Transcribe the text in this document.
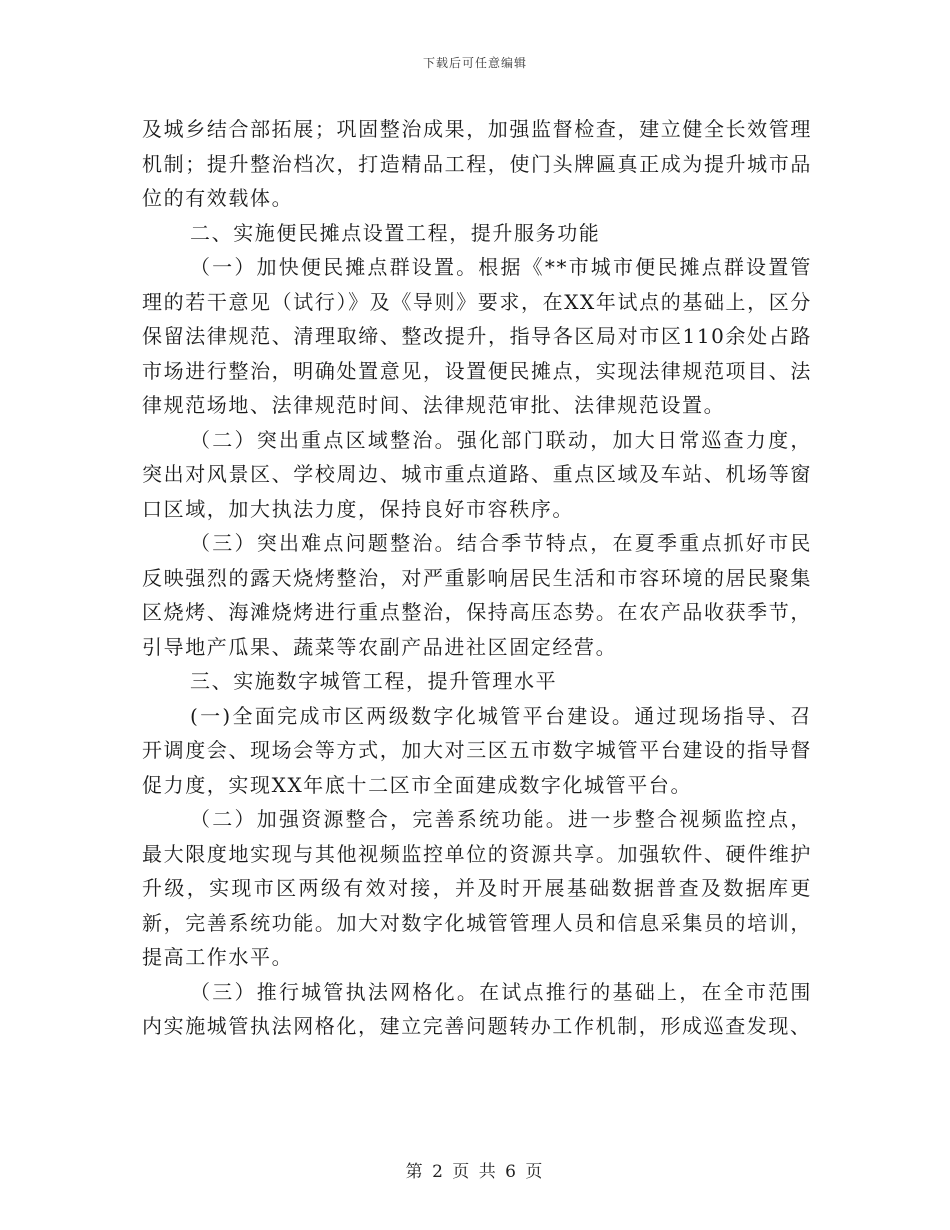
下载后可任意编辑

及城乡结合部拓展；巩固整治成果，加强监督检查，建立健全长效管理机制；提升整治档次，打造精品工程，使门头牌匾真正成为提升城市品位的有效载体。

二、实施便民摊点设置工程，提升服务功能

（一）加快便民摊点群设置。根据《**市城市便民摊点群设置管理的若干意见（试行）》及《导则》要求，在XX年试点的基础上，区分保留法律规范、清理取缔、整改提升，指导各区局对市区110余处占路市场进行整治，明确处置意见，设置便民摊点，实现法律规范项目、法律规范场地、法律规范时间、法律规范审批、法律规范设置。

（二）突出重点区域整治。强化部门联动，加大日常巡查力度，突出对风景区、学校周边、城市重点道路、重点区域及车站、机场等窗口区域，加大执法力度，保持良好市容秩序。

（三）突出难点问题整治。结合季节特点，在夏季重点抓好市民反映强烈的露天烧烤整治，对严重影响居民生活和市容环境的居民聚集区烧烤、海滩烧烤进行重点整治，保持高压态势。在农产品收获季节，引导地产瓜果、蔬菜等农副产品进社区固定经营。

三、实施数字城管工程，提升管理水平

(一)全面完成市区两级数字化城管平台建设。通过现场指导、召开调度会、现场会等方式，加大对三区五市数字城管平台建设的指导督促力度，实现XX年底十二区市全面建成数字化城管平台。

（二）加强资源整合，完善系统功能。进一步整合视频监控点，最大限度地实现与其他视频监控单位的资源共享。加强软件、硬件维护升级，实现市区两级有效对接，并及时开展基础数据普查及数据库更新，完善系统功能。加大对数字化城管管理人员和信息采集员的培训，提高工作水平。

（三）推行城管执法网格化。在试点推行的基础上，在全市范围内实施城管执法网格化，建立完善问题转办工作机制，形成巡查发现、

第 2 页 共 6 页
